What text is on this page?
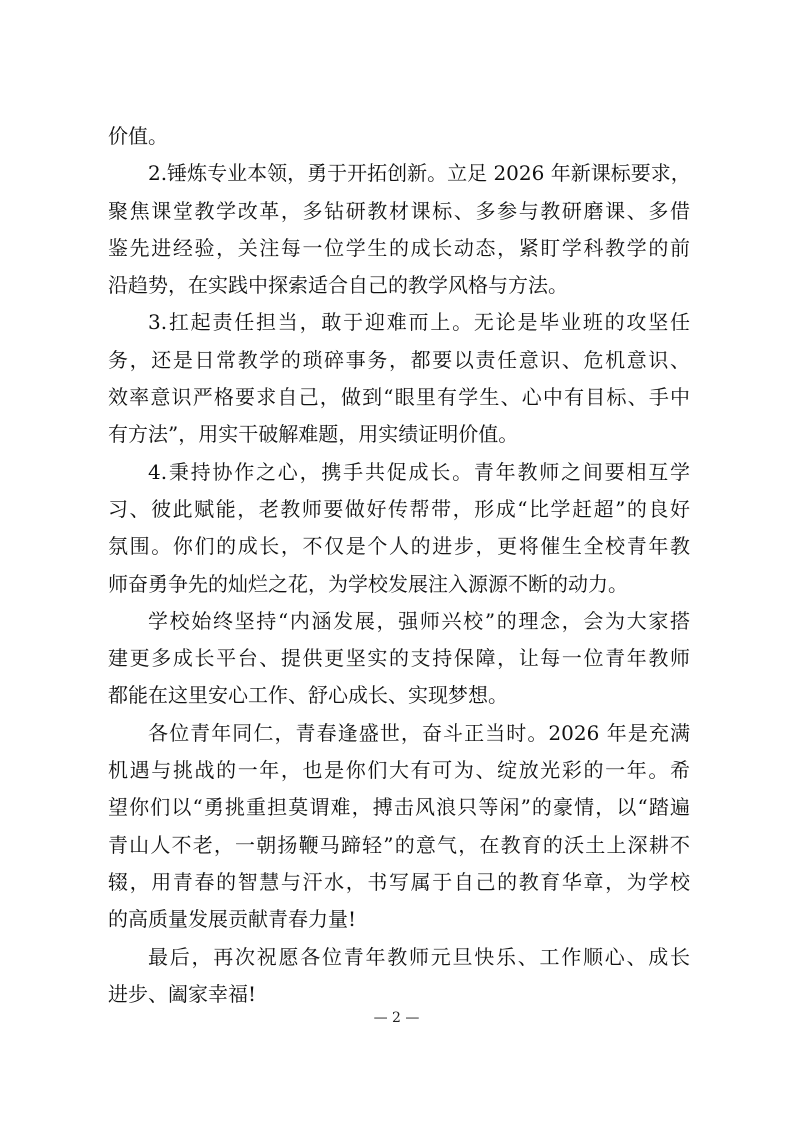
价值。
2.锤炼专业本领，勇于开拓创新。立足 2026 年新课标要求，
聚焦课堂教学改革，多钻研教材课标、多参与教研磨课、多借
鉴先进经验，关注每一位学生的成长动态，紧盯学科教学的前
沿趋势，在实践中探索适合自己的教学风格与方法。
3.扛起责任担当，敢于迎难而上。无论是毕业班的攻坚任
务，还是日常教学的琐碎事务，都要以责任意识、危机意识、
效率意识严格要求自己，做到“眼里有学生、心中有目标、手中
有方法”，用实干破解难题，用实绩证明价值。
4.秉持协作之心，携手共促成长。青年教师之间要相互学
习、彼此赋能，老教师要做好传帮带，形成“比学赶超”的良好
氛围。你们的成长，不仅是个人的进步，更将催生全校青年教
师奋勇争先的灿烂之花，为学校发展注入源源不断的动力。
学校始终坚持“内涵发展，强师兴校”的理念，会为大家搭
建更多成长平台、提供更坚实的支持保障，让每一位青年教师
都能在这里安心工作、舒心成长、实现梦想。
各位青年同仁，青春逢盛世，奋斗正当时。2026 年是充满
机遇与挑战的一年，也是你们大有可为、绽放光彩的一年。希
望你们以“勇挑重担莫谓难，搏击风浪只等闲”的豪情，以“踏遍
青山人不老，一朝扬鞭马蹄轻”的意气，在教育的沃土上深耕不
辍，用青春的智慧与汗水，书写属于自己的教育华章，为学校
的高质量发展贡献青春力量!
最后，再次祝愿各位青年教师元旦快乐、工作顺心、成长
进步、阖家幸福!
— 2 —
